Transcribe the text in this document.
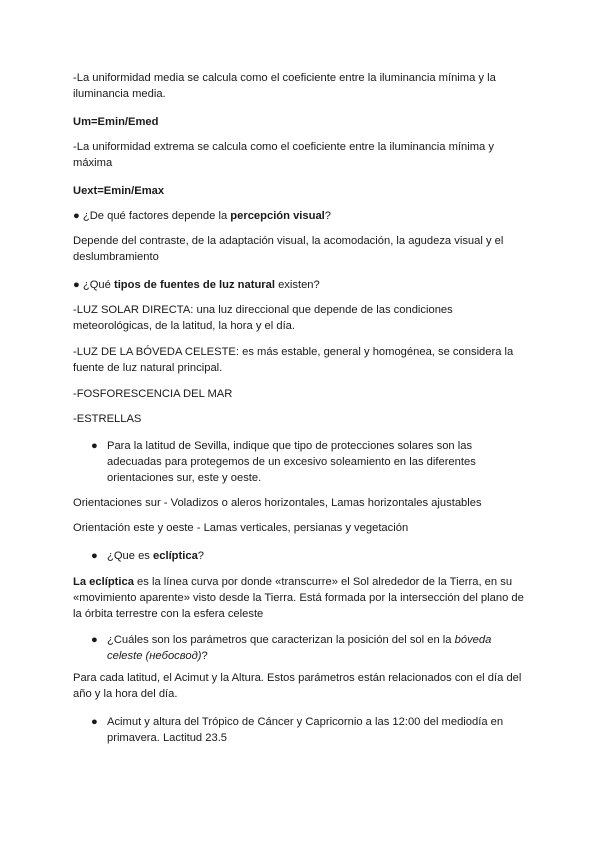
-La uniformidad media se calcula como el coeficiente entre la iluminancia mínima y la iluminancia media.

Um=Emin/Emed

-La uniformidad extrema se calcula como el coeficiente entre la iluminancia mínima y máxima

Uext=Emin/Emax

● ¿De qué factores depende la percepción visual?

Depende del contraste, de la adaptación visual, la acomodación, la agudeza visual y el deslumbramiento

● ¿Qué tipos de fuentes de luz natural existen?

-LUZ SOLAR DIRECTA: una luz direccional que depende de las condiciones meteorológicas, de la latitud, la hora y el día.

-LUZ DE LA BÓVEDA CELESTE: es más estable, general y homogénea, se considera la fuente de luz natural principal.

-FOSFORESCENCIA DEL MAR

-ESTRELLAS

● Para la latitud de Sevilla, indique que tipo de protecciones solares son las adecuadas para protegemos de un excesivo soleamiento en las diferentes orientaciones sur, este y oeste.

Orientaciones sur - Voladizos o aleros horizontales, Lamas horizontales ajustables

Orientación este y oeste - Lamas verticales, persianas y vegetación

● ¿Que es eclíptica?

La eclíptica es la línea curva por donde «transcurre» el Sol alrededor de la Tierra, en su «movimiento aparente» visto desde la Tierra. Está formada por la intersección del plano de la órbita terrestre con la esfera celeste

● ¿Cuáles son los parámetros que caracterizan la posición del sol en la bóveda celeste (небосвод)?

Para cada latitud, el Acimut y la Altura. Estos parámetros están relacionados con el día del año y la hora del día.

● Acimut y altura del Trópico de Cáncer y Capricornio a las 12:00 del mediodía en primavera. Lactitud 23.5
